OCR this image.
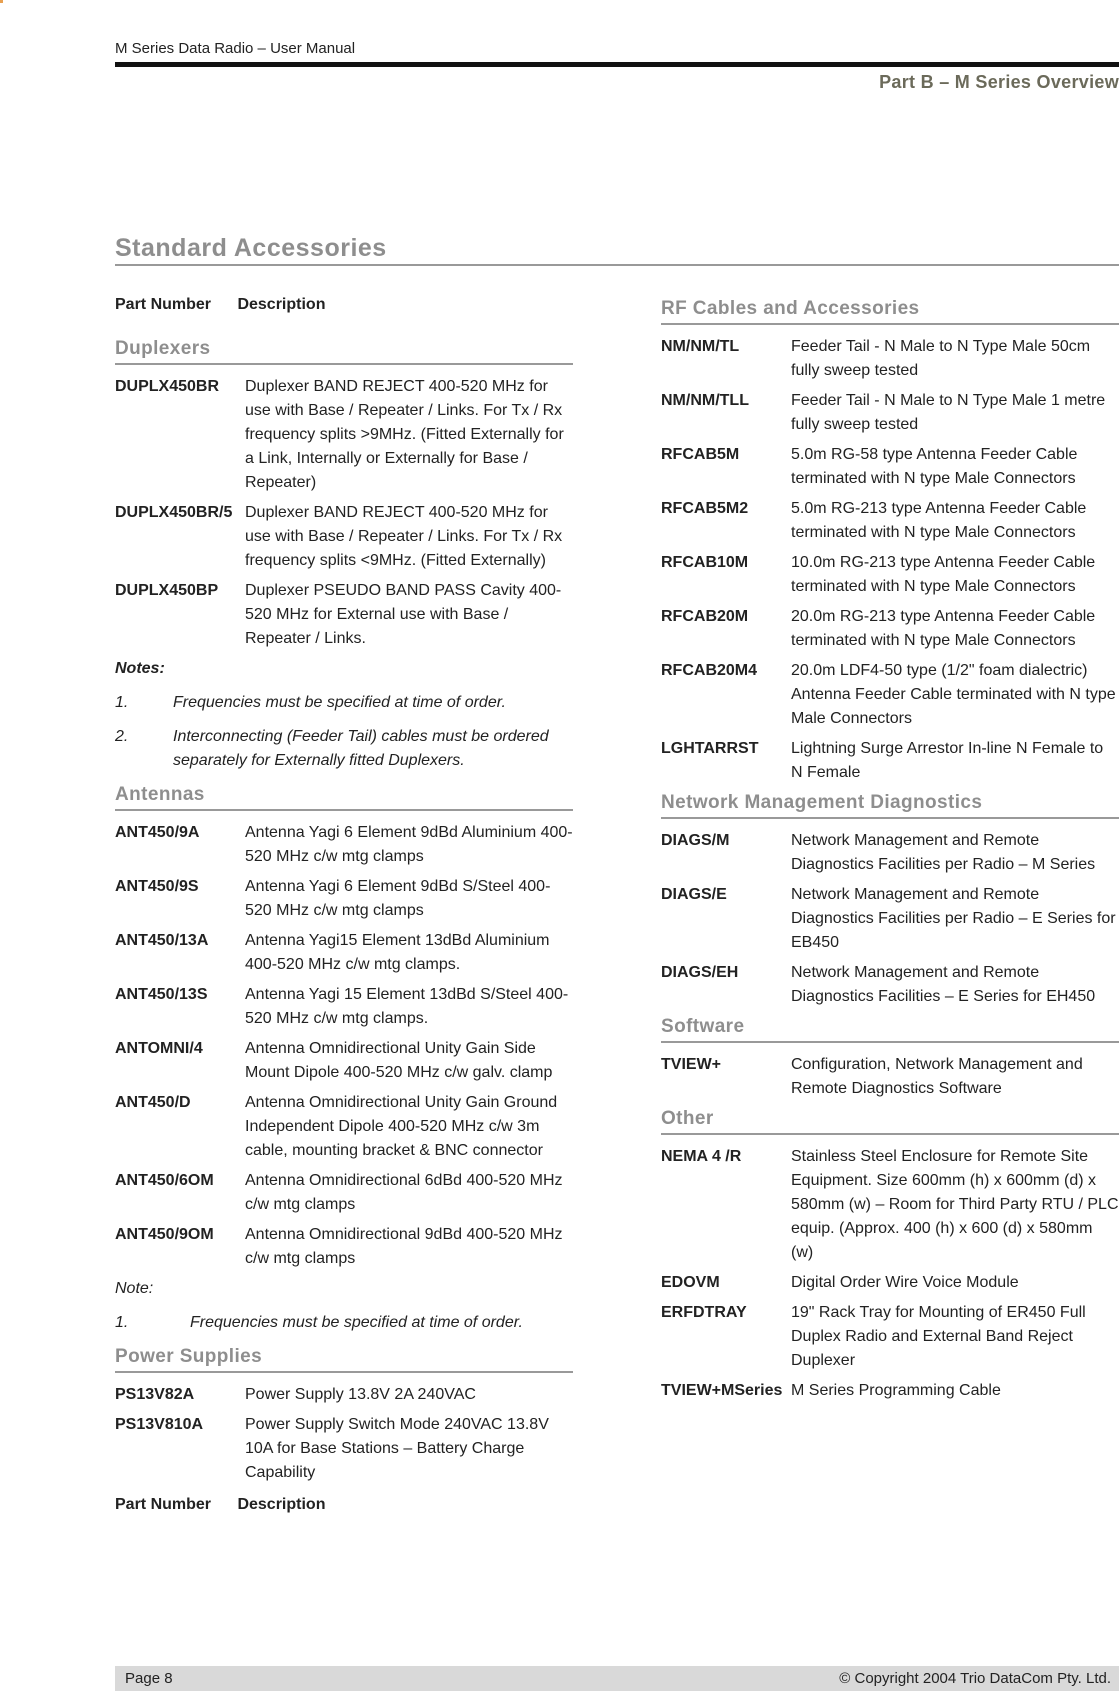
M Series Data Radio – User Manual
Part B – M Series Overview
Standard Accessories
Part Number Description
Duplexers
DUPLX450BR	Duplexer BAND REJECT 400-520 MHz for use with Base / Repeater / Links. For Tx / Rx frequency splits >9MHz. (Fitted Externally for a Link, Internally or Externally for Base / Repeater)
DUPLX450BR/5 Duplexer BAND REJECT 400-520 MHz for use with Base / Repeater / Links. For Tx / Rx frequency splits <9MHz. (Fitted Externally)
DUPLX450BP	Duplexer PSEUDO BAND PASS Cavity 400-520 MHz for External use with Base / Repeater / Links.
Notes:
1.	Frequencies must be specified at time of order.
2.	Interconnecting (Feeder Tail) cables must be ordered separately for Externally fitted Duplexers.
Antennas
ANT450/9A	Antenna Yagi 6 Element 9dBd Aluminium 400-520 MHz c/w mtg clamps
ANT450/9S	Antenna Yagi 6 Element 9dBd S/Steel 400-520 MHz c/w mtg clamps
ANT450/13A	Antenna Yagi15 Element 13dBd Aluminium 400-520 MHz c/w mtg clamps.
ANT450/13S	Antenna Yagi 15 Element 13dBd S/Steel 400-520 MHz c/w mtg clamps.
ANTOMNI/4	Antenna Omnidirectional Unity Gain Side Mount Dipole 400-520 MHz c/w galv. clamp
ANT450/D	Antenna Omnidirectional Unity Gain Ground Independent Dipole 400-520 MHz c/w 3m cable, mounting bracket & BNC connector
ANT450/6OM	Antenna Omnidirectional 6dBd 400-520 MHz c/w mtg clamps
ANT450/9OM	Antenna Omnidirectional 9dBd 400-520 MHz c/w mtg clamps
Note:
1.	Frequencies must be specified at time of order.
Power Supplies
PS13V82A	Power Supply 13.8V 2A 240VAC
PS13V810A	Power Supply Switch Mode 240VAC 13.8V 10A for Base Stations – Battery Charge Capability
Part Number Description
RF Cables and Accessories
NM/NM/TL	Feeder Tail - N Male to N Type Male 50cm fully sweep tested
NM/NM/TLL	Feeder Tail - N Male to N Type Male 1 metre fully sweep tested
RFCAB5M	5.0m RG-58 type Antenna Feeder Cable terminated with N type Male Connectors
RFCAB5M2	5.0m RG-213 type Antenna Feeder Cable terminated with N type Male Connectors
RFCAB10M	10.0m RG-213 type Antenna Feeder Cable terminated with N type Male Connectors
RFCAB20M	20.0m RG-213 type Antenna Feeder Cable terminated with N type Male Connectors
RFCAB20M4	20.0m LDF4-50 type (1/2" foam dialectric) Antenna Feeder Cable terminated with N type Male Connectors
LGHTARRST	Lightning Surge Arrestor In-line N Female to N Female
Network Management Diagnostics
DIAGS/M	Network Management and Remote Diagnostics Facilities per Radio – M Series
DIAGS/E	Network Management and Remote Diagnostics Facilities per Radio – E Series for EB450
DIAGS/EH	Network Management and Remote Diagnostics Facilities – E Series for EH450
Software
TVIEW+	Configuration, Network Management and Remote Diagnostics Software
Other
NEMA 4 /R	Stainless Steel Enclosure for Remote Site Equipment. Size 600mm (h) x 600mm (d) x 580mm (w) – Room for Third Party RTU / PLC equip. (Approx. 400 (h) x 600 (d) x 580mm (w)
EDOVM	Digital Order Wire Voice Module
ERFDTRAY	19" Rack Tray for Mounting of ER450 Full Duplex Radio and External Band Reject Duplexer
TVIEW+MSeries M Series Programming Cable
Page 8	© Copyright 2004 Trio DataCom Pty. Ltd.
